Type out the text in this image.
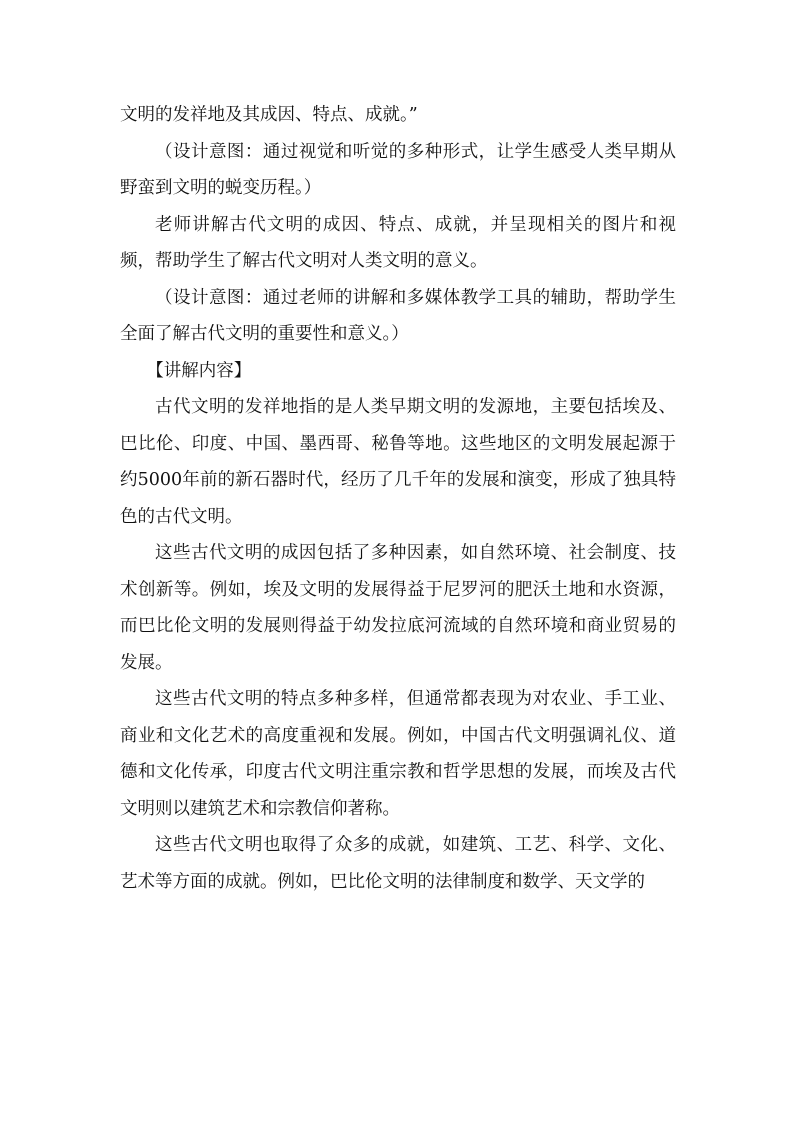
文明的发祥地及其成因、特点、成就。”

（设计意图：通过视觉和听觉的多种形式，让学生感受人类早期从野蛮到文明的蜕变历程。）

老师讲解古代文明的成因、特点、成就，并呈现相关的图片和视频，帮助学生了解古代文明对人类文明的意义。

（设计意图：通过老师的讲解和多媒体教学工具的辅助，帮助学生全面了解古代文明的重要性和意义。）

【讲解内容】

古代文明的发祥地指的是人类早期文明的发源地，主要包括埃及、巴比伦、印度、中国、墨西哥、秘鲁等地。这些地区的文明发展起源于约5000年前的新石器时代，经历了几千年的发展和演变，形成了独具特色的古代文明。

这些古代文明的成因包括了多种因素，如自然环境、社会制度、技术创新等。例如，埃及文明的发展得益于尼罗河的肥沃土地和水资源，而巴比伦文明的发展则得益于幼发拉底河流域的自然环境和商业贸易的发展。

这些古代文明的特点多种多样，但通常都表现为对农业、手工业、商业和文化艺术的高度重视和发展。例如，中国古代文明强调礼仪、道德和文化传承，印度古代文明注重宗教和哲学思想的发展，而埃及古代文明则以建筑艺术和宗教信仰著称。

这些古代文明也取得了众多的成就，如建筑、工艺、科学、文化、艺术等方面的成就。例如，巴比伦文明的法律制度和数学、天文学的
